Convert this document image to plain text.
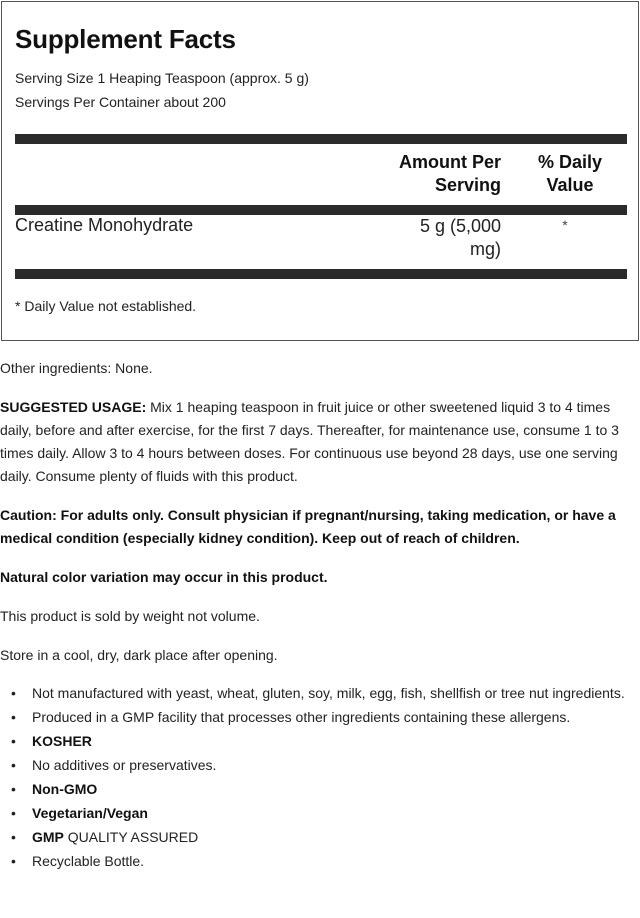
Supplement Facts
Serving Size 1 Heaping Teaspoon (approx. 5 g)
Servings Per Container about 200
Amount Per
Serving
% Daily
Value
Creatine Monohydrate	5 g (5,000
mg)
*
* Daily Value not established.

Other ingredients: None.

SUGGESTED USAGE: Mix 1 heaping teaspoon in fruit juice or other sweetened liquid 3 to 4 times daily, before and after exercise, for the first 7 days. Thereafter, for maintenance use, consume 1 to 3 times daily. Allow 3 to 4 hours between doses. For continuous use beyond 28 days, use one serving daily. Consume plenty of fluids with this product.

Caution: For adults only. Consult physician if pregnant/nursing, taking medication, or have a medical condition (especially kidney condition). Keep out of reach of children.

Natural color variation may occur in this product.

This product is sold by weight not volume.

Store in a cool, dry, dark place after opening.

• Not manufactured with yeast, wheat, gluten, soy, milk, egg, fish, shellfish or tree nut ingredients.
• Produced in a GMP facility that processes other ingredients containing these allergens.
• KOSHER
• No additives or preservatives.
• Non-GMO
• Vegetarian/Vegan
• GMP QUALITY ASSURED
• Recyclable Bottle.
